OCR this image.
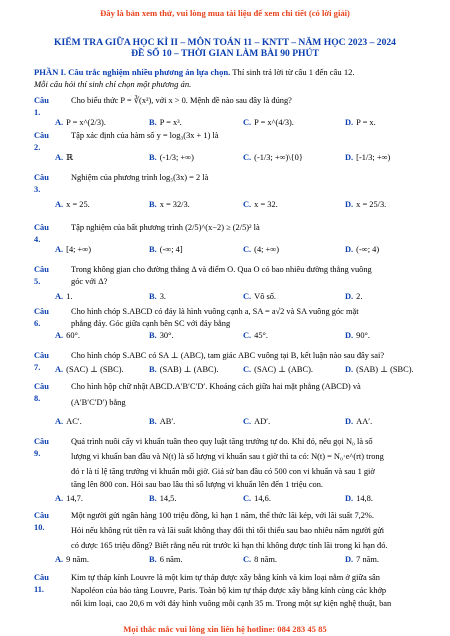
Đây là bản xem thử, vui lòng mua tài liệu để xem chi tiết (có lời giải)
KIỂM TRA GIỮA HỌC KÌ II – MÔN TOÁN 11 – KNTT – NĂM HỌC 2023 – 2024
ĐỀ SỐ 10 – THỜI GIAN LÀM BÀI 90 PHÚT
PHẦN I. Câu trắc nghiệm nhiều phương án lựa chọn. Thí sinh trả lời từ câu 1 đến câu 12.
Mỗi câu hỏi thí sinh chỉ chọn một phương án.
Câu 1.
Cho biểu thức P = ∛(x²), với x > 0. Mệnh đề nào sau đây là đúng?
A. P = x^(2/3).	B. P = x³.	C. P = x^(4/3).	D. P = x.
Câu 2.
Tập xác định của hàm số y = log₃(3x + 1) là
A. ℝ	B. (-1/3; +∞)	C. (-1/3; +∞)\{0}	D. [-1/3; +∞)
Câu 3.
Nghiệm của phương trình log₅(3x) = 2 là
A. x = 25.	B. x = 32/3.	C. x = 32.	D. x = 25/3.
Câu 4.
Tập nghiệm của bất phương trình (2/5)^(x−2) ≥ (2/5)² là
A. [4; +∞)	B. (-∞; 4]	C. (4; +∞)	D. (-∞; 4)
Câu 5.
Trong không gian cho đường thẳng Δ và điểm O. Qua O có bao nhiêu đường thẳng vuông
góc với Δ?
A. 1.	B. 3.	C. Vô số.	D. 2.
Câu 6.
Cho hình chóp S.ABCD có đáy là hình vuông cạnh a, SA = a√2 và SA vuông góc mặt
phẳng đáy. Góc giữa cạnh bên SC với đáy bằng
A. 60°.	B. 30°.	C. 45°.	D. 90°.
Câu 7.
Cho hình chóp S.ABC có SA ⊥ (ABC), tam giác ABC vuông tại B, kết luận nào sau đây sai?
A. (SAC) ⊥ (SBC).	B. (SAB) ⊥ (ABC).	C. (SAC) ⊥ (ABC).	D. (SAB) ⊥ (SBC).
Câu 8.
Cho hình hộp chữ nhật ABCD.A′B′C′D′. Khoảng cách giữa hai mặt phẳng (ABCD) và
(A′B′C′D′) bằng
A. AC′.	B. AB′.	C. AD′.	D. AA′.
Câu 9.
Quá trình nuôi cấy vi khuẩn tuân theo quy luật tăng trưởng tự do. Khi đó, nếu gọi N₀ là số
lượng vi khuẩn ban đầu và N(t) là số lượng vi khuẩn sau t giờ thì ta có: N(t) = N₀·e^(rt) trong
đó r là tỉ lệ tăng trưởng vi khuẩn mỗi giờ. Giả sử ban đầu có 500 con vi khuẩn và sau 1 giờ
tăng lên 800 con. Hỏi sau bao lâu thì số lượng vi khuẩn lên đến 1 triệu con.
A. 14,7.	B. 14,5.	C. 14,6.	D. 14,8.
Câu 10.
Một người gửi ngân hàng 100 triệu đồng, kì hạn 1 năm, thể thức lãi kép, với lãi suất 7,2%.
Hỏi nếu không rút tiền ra và lãi suất không thay đổi thì tối thiểu sau bao nhiêu năm người gửi
có được 165 triệu đồng? Biết rằng nếu rút trước kì hạn thì không được tính lãi trong kì hạn đó.
A. 9 năm.	B. 6 năm.	C. 8 năm.	D. 7 năm.
Câu 11.
Kim tự tháp kính Louvre là một kim tự tháp được xây bằng kính và kim loại nằm ở giữa sân
Napoléon của bảo tàng Louvre, Paris. Toàn bộ kim tự tháp được xây bằng kính cùng các khớp
nối kim loại, cao 20,6 m với đáy hình vuông mỗi cạnh 35 m. Trong một sự kiện nghệ thuật, ban
Mọi thắc mắc vui lòng xin liên hệ hotline: 084 283 45 85
